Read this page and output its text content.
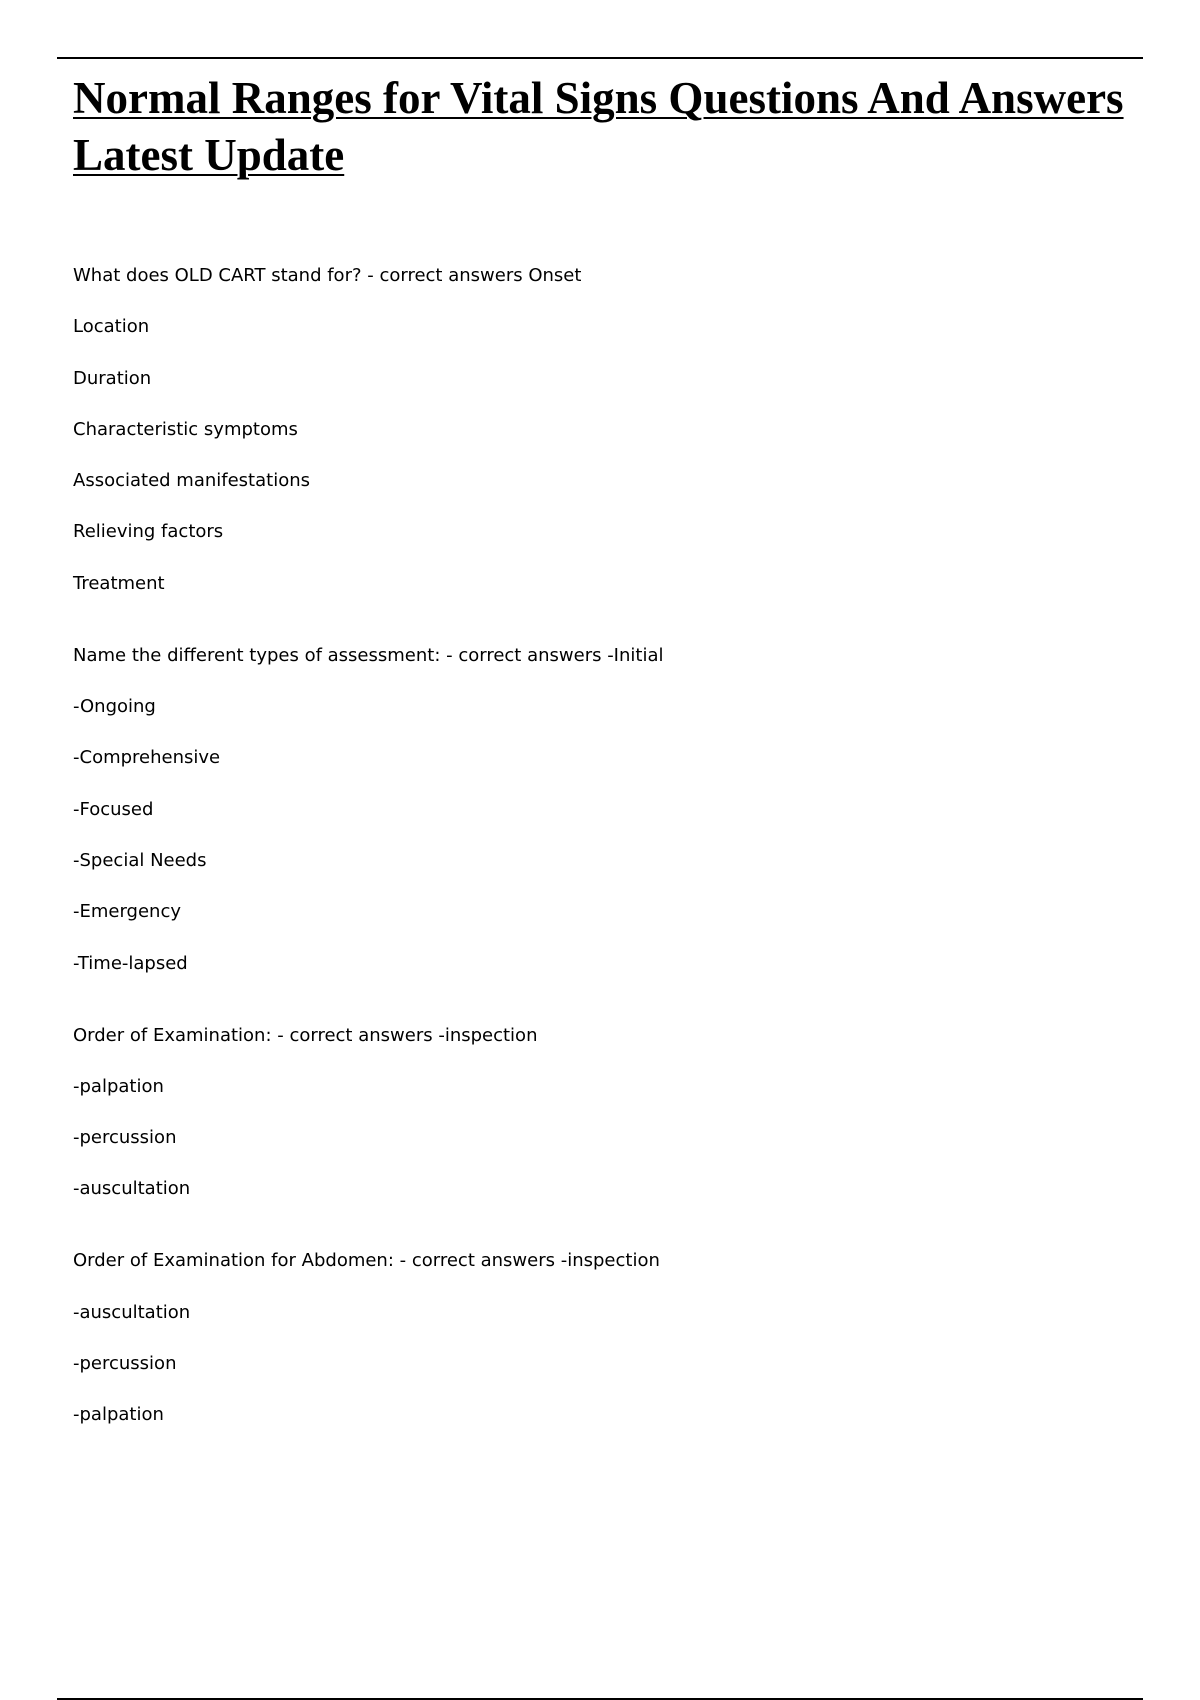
Normal Ranges for Vital Signs Questions And Answers Latest Update
What does OLD CART stand for? - correct answers Onset
Location
Duration
Characteristic symptoms
Associated manifestations
Relieving factors
Treatment
Name the different types of assessment: - correct answers -Initial
-Ongoing
-Comprehensive
-Focused
-Special Needs
-Emergency
-Time-lapsed
Order of Examination: - correct answers -inspection
-palpation
-percussion
-auscultation
Order of Examination for Abdomen: - correct answers -inspection
-auscultation
-percussion
-palpation
